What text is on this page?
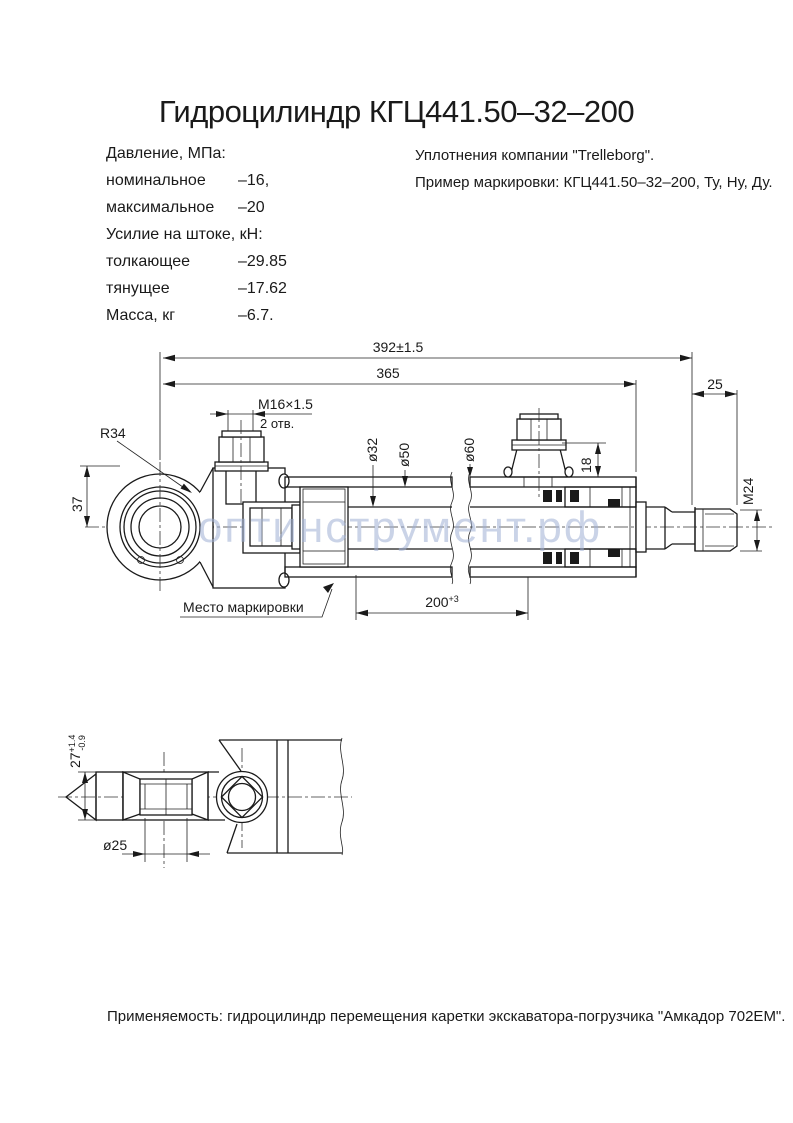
Гидроцилиндр КГЦ441.50–32–200
Давление, МПа:
номинальное	–16,
максимальное	–20
Усилие на штоке, кН:
толкающее	–29.85
тянущее	–17.62
Масса, кг	–6.7.
Уплотнения компании "Trelleborg".
Пример маркировки: КГЦ441.50–32–200, Ту, Ну, Ду.
M16×1.5
2 отв.
18
392±1.5
365
25
ø32 ø50	ø60
M24
$200^{+3}$
37
R34
Место маркировки
оптинструмент.рф
$27^{+1.4}-0.9$
ø25
Применяемость: гидроцилиндр перемещения каретки экскаватора-погрузчика "Амкадор 702ЕМ".
